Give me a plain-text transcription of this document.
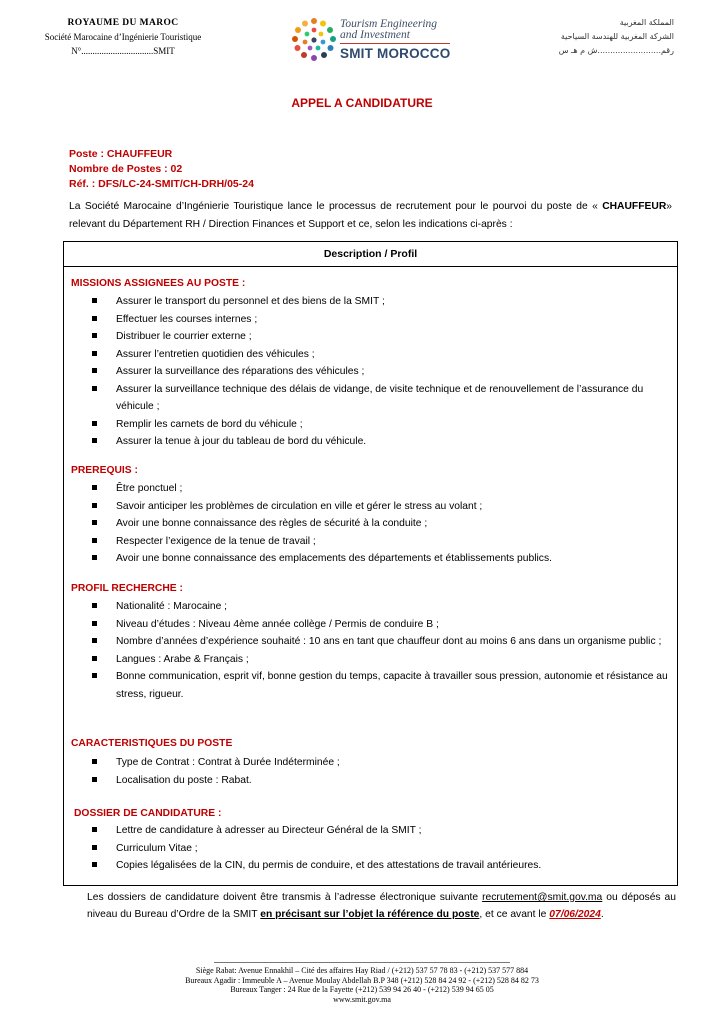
ROYAUME DU MAROC
Société Marocaine d’Ingénierie Touristique
N°................................SMIT
Tourism Engineering
and Investment
SMIT MOROCCO
المملكة المغربية
الشركة المغربية للهندسة السياحية
رقم.........................ش م هـ س
APPEL A CANDIDATURE
Poste : CHAUFFEUR
Nombre de Postes : 02
Réf. : DFS/LC-24-SMIT/CH-DRH/05-24
La Société Marocaine d’Ingénierie Touristique lance le processus de recrutement pour le pourvoi du poste de « CHAUFFEUR» relevant du Département RH / Direction Finances et Support et ce, selon les indications ci-après :
Description / Profil
MISSIONS ASSIGNEES AU POSTE :
Assurer le transport du personnel et des biens de la SMIT ;
Effectuer les courses internes ;
Distribuer le courrier externe ;
Assurer l’entretien quotidien des véhicules ;
Assurer la surveillance des réparations des véhicules ;
Assurer la surveillance technique des délais de vidange, de visite technique et de renouvellement de l’assurance du véhicule ;
Remplir les carnets de bord du véhicule ;
Assurer la tenue à jour du tableau de bord du véhicule.
PREREQUIS :
Être ponctuel ;
Savoir anticiper les problèmes de circulation en ville et gérer le stress au volant ;
Avoir une bonne connaissance des règles de sécurité à la conduite ;
Respecter l’exigence de la tenue de travail ;
Avoir une bonne connaissance des emplacements des départements et établissements publics.
PROFIL RECHERCHE :
Nationalité : Marocaine ;
Niveau d’études : Niveau 4ème année collège / Permis de conduire B ;
Nombre d’années d’expérience souhaité : 10 ans en tant que chauffeur dont au moins 6 ans dans un organisme public ;
Langues : Arabe & Français ;
Bonne communication, esprit vif, bonne gestion du temps, capacite à travailler sous pression, autonomie et résistance au stress, rigueur.
CARACTERISTIQUES DU POSTE
Type de Contrat : Contrat à Durée Indéterminée ;
Localisation du poste : Rabat.
DOSSIER DE CANDIDATURE :
Lettre de candidature à adresser au Directeur Général de la SMIT ;
Curriculum Vitae ;
Copies légalisées de la CIN, du permis de conduire, et des attestations de travail antérieures.
Les dossiers de candidature doivent être transmis à l’adresse électronique suivante recrutement@smit.gov.ma ou déposés au niveau du Bureau d’Ordre de la SMIT en précisant sur l’objet la référence du poste, et ce avant le 07/06/2024.
Siège Rabat: Avenue Ennakhil – Cité des affaires Hay Riad / (+212) 537 57 78 83 - (+212) 537 577 884
Bureaux Agadir : Immeuble A – Avenue Moulay Abdellah B.P 348 (+212) 528 84 24 92 - (+212) 528 84 82 73
Bureaux Tanger : 24 Rue de la Fayette (+212) 539 94 26 40 - (+212) 539 94 65 05
www.smit.gov.ma
